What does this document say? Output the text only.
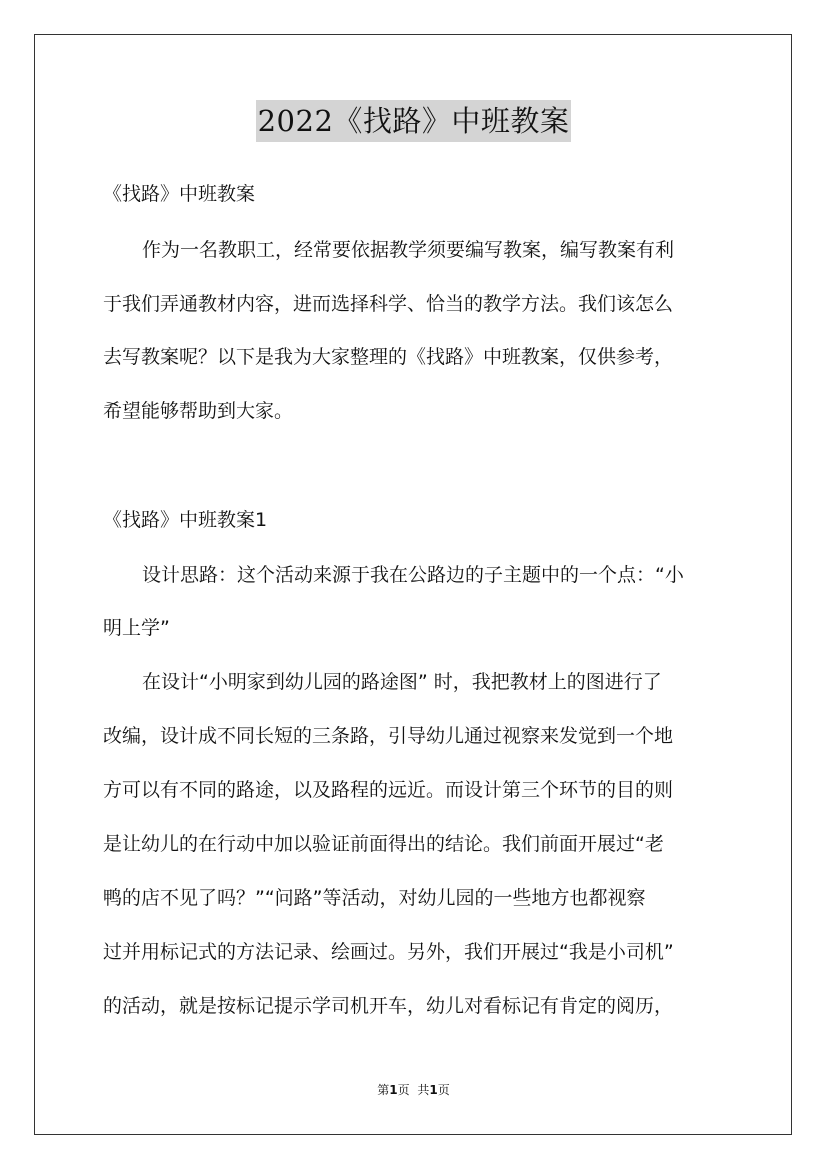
2022《找路》中班教案
《找路》中班教案
作为一名教职工，经常要依据教学须要编写教案，编写教案有利
于我们弄通教材内容，进而选择科学、恰当的教学方法。我们该怎么
去写教案呢？以下是我为大家整理的《找路》中班教案，仅供参考，
希望能够帮助到大家。
《找路》中班教案1
设计思路：这个活动来源于我在公路边的子主题中的一个点：“小
明上学”
在设计“小明家到幼儿园的路途图” 时，我把教材上的图进行了
改编，设计成不同长短的三条路，引导幼儿通过视察来发觉到一个地
方可以有不同的路途，以及路程的远近。而设计第三个环节的目的则
是让幼儿的在行动中加以验证前面得出的结论。我们前面开展过“老
鸭的店不见了吗？”“问路”等活动，对幼儿园的一些地方也都视察
过并用标记式的方法记录、绘画过。另外，我们开展过“我是小司机”
的活动，就是按标记提示学司机开车，幼儿对看标记有肯定的阅历，
第1页 共1页
